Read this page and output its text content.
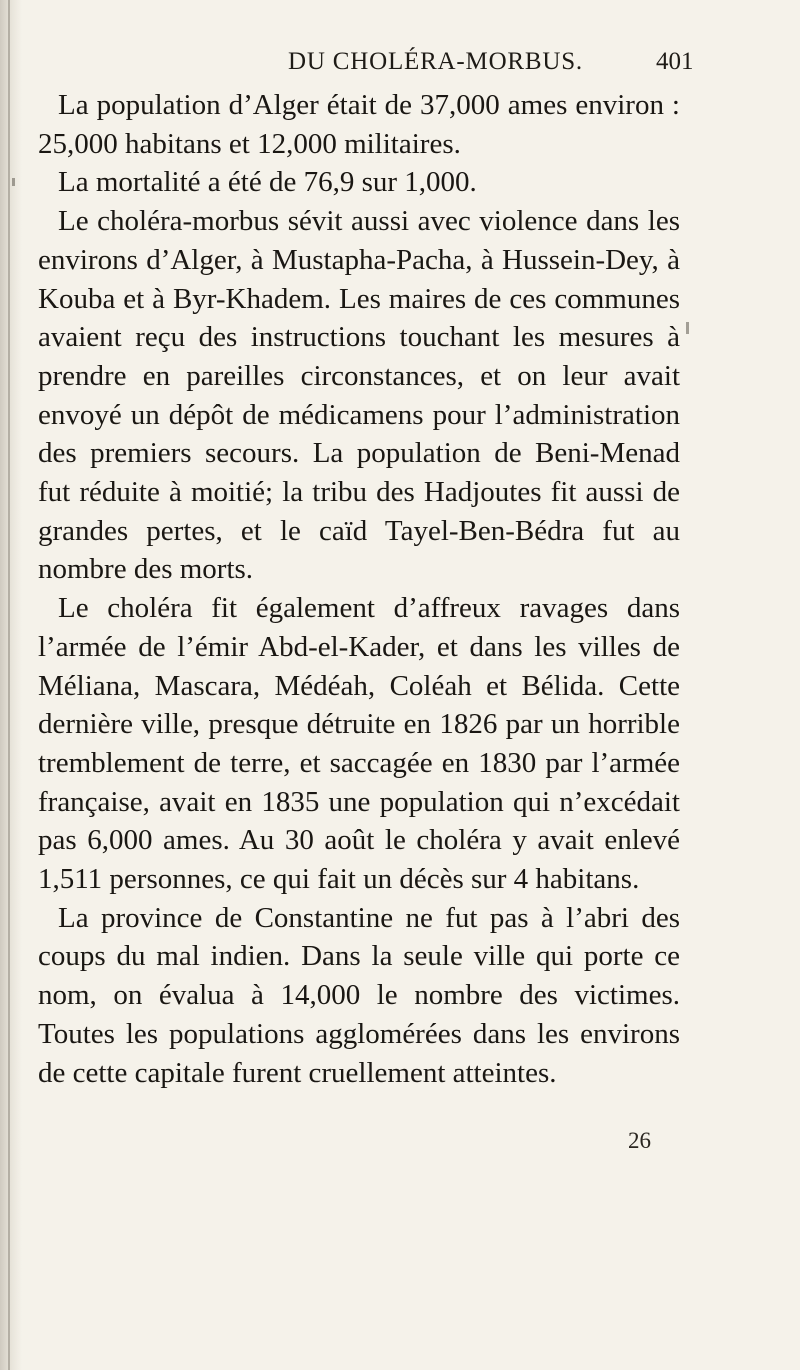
DU CHOLÉRA-MORBUS.	401

La population d’Alger était de 37,000 ames environ : 25,000 habitans et 12,000 militaires.

La mortalité a été de 76,9 sur 1,000.

Le choléra-morbus sévit aussi avec violence dans les environs d’Alger, à Mustapha-Pacha, à Hussein-Dey, à Kouba et à Byr-Khadem. Les maires de ces communes avaient reçu des instructions touchant les mesures à prendre en pareilles circonstances, et on leur avait envoyé un dépôt de médicamens pour l’administration des premiers secours. La population de Beni-Menad fut réduite à moitié; la tribu des Hadjoutes fit aussi de grandes pertes, et le caïd Tayel-Ben-Bédra fut au nombre des morts.

Le choléra fit également d’affreux ravages dans l’armée de l’émir Abd-el-Kader, et dans les villes de Méliana, Mascara, Médéah, Coléah et Bélida. Cette dernière ville, presque détruite en 1826 par un horrible tremblement de terre, et saccagée en 1830 par l’armée française, avait en 1835 une population qui n’excédait pas 6,000 ames. Au 30 août le choléra y avait enlevé 1,511 personnes, ce qui fait un décès sur 4 habitans.

La province de Constantine ne fut pas à l’abri des coups du mal indien. Dans la seule ville qui porte ce nom, on évalua à 14,000 le nombre des victimes. Toutes les populations agglomérées dans les environs de cette capitale furent cruellement atteintes.

26
